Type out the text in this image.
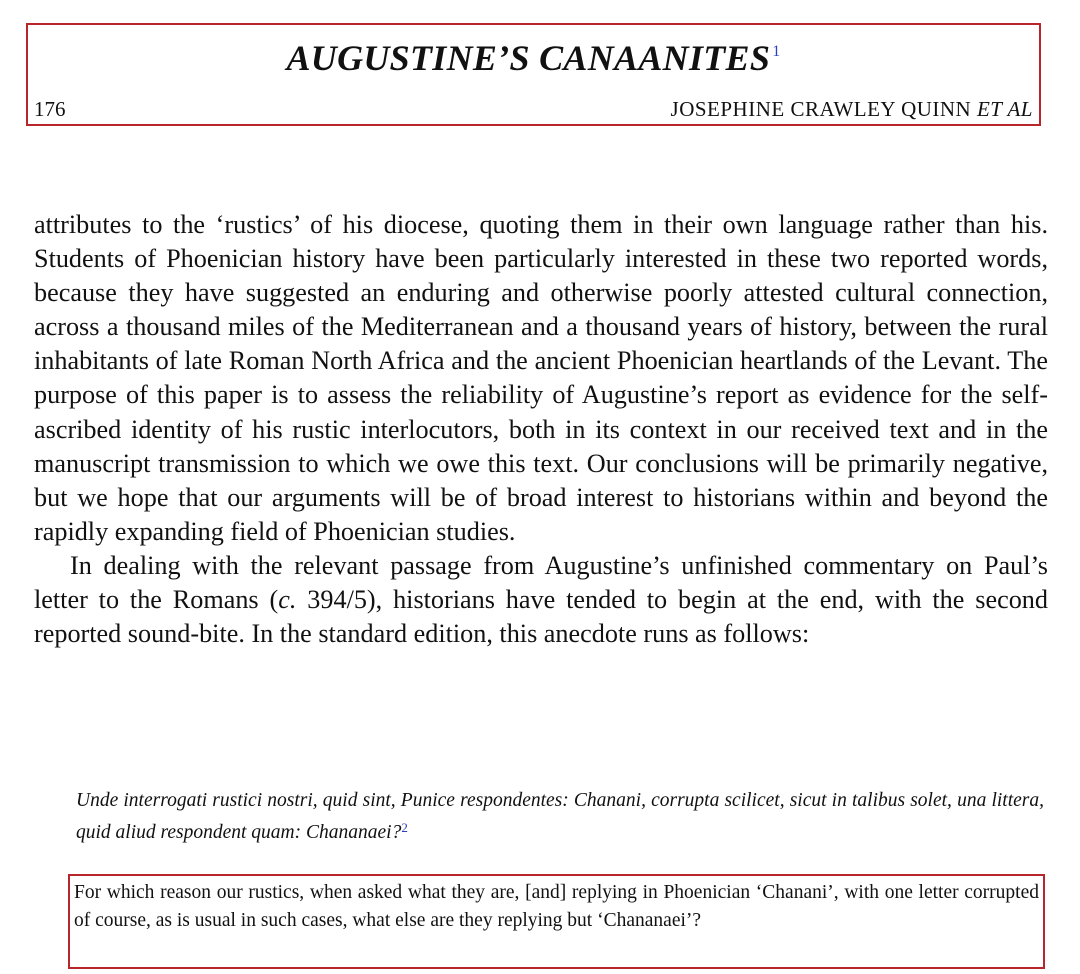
AUGUSTINE’S CANAANITES $^1$
176	JOSEPHINE CRAWLEY QUINN ET AL

attributes to the ‘rustics’ of his diocese, quoting them in their own language rather than his. Students of Phoenician history have been particularly interested in these two reported words, because they have suggested an enduring and otherwise poorly attested cultural connection, across a thousand miles of the Mediterranean and a thousand years of history, between the rural inhabitants of late Roman North Africa and the ancient Phoenician heartlands of the Levant. The purpose of this paper is to assess the reliability of Augustine’s report as evidence for the self-ascribed identity of his rustic interlocutors, both in its context in our received text and in the manuscript transmission to which we owe this text. Our conclusions will be primarily negative, but we hope that our arguments will be of broad interest to historians within and beyond the rapidly expanding field of Phoenician studies.

In dealing with the relevant passage from Augustine’s unfinished commentary on Paul’s letter to the Romans (c. 394/5), historians have tended to begin at the end, with the second reported sound-bite. In the standard edition, this anecdote runs as follows:

Unde interrogati rustici nostri, quid sint, Punice respondentes: Chanani, corrupta scilicet, sicut in talibus solet, una littera, quid aliud respondent quam: Chananaei?$^2$
For which reason our rustics, when asked what they are, [and] replying in Phoenician ‘Chanani’, with one letter corrupted of course, as is usual in such cases, what else are they replying but ‘Chananaei’?
